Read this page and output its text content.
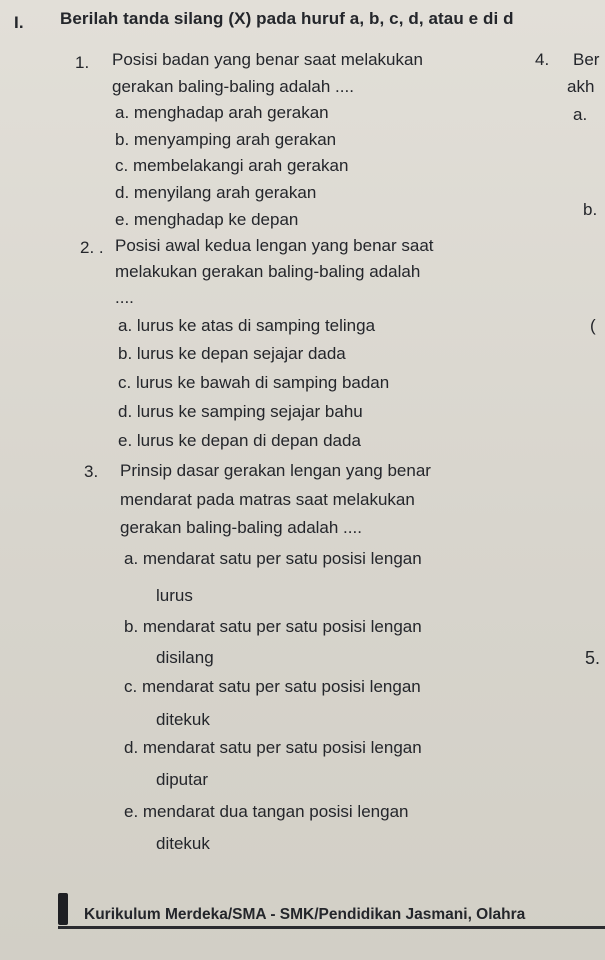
I. Berilah tanda silang (X) pada huruf a, b, c, d, atau e di d
1. Posisi badan yang benar saat melakukan
gerakan baling-baling adalah ....
a. menghadap arah gerakan
b. menyamping arah gerakan
c. membelakangi arah gerakan
d. menyilang arah gerakan
e. menghadap ke depan
2. . Posisi awal kedua lengan yang benar saat
melakukan gerakan baling-baling adalah
....
a. lurus ke atas di samping telinga
b. lurus ke depan sejajar dada
c. lurus ke bawah di samping badan
d. lurus ke samping sejajar bahu
e. lurus ke depan di depan dada
3. Prinsip dasar gerakan lengan yang benar
mendarat pada matras saat melakukan
gerakan baling-baling adalah ....
a. mendarat satu per satu posisi lengan
lurus
b. mendarat satu per satu posisi lengan
disilang
c. mendarat satu per satu posisi lengan
ditekuk
d. mendarat satu per satu posisi lengan
diputar
e. mendarat dua tangan posisi lengan
ditekuk
4. Ber
akh
a.
b.
(
5.
Kurikulum Merdeka/SMA - SMK/Pendidikan Jasmani, Olahra
